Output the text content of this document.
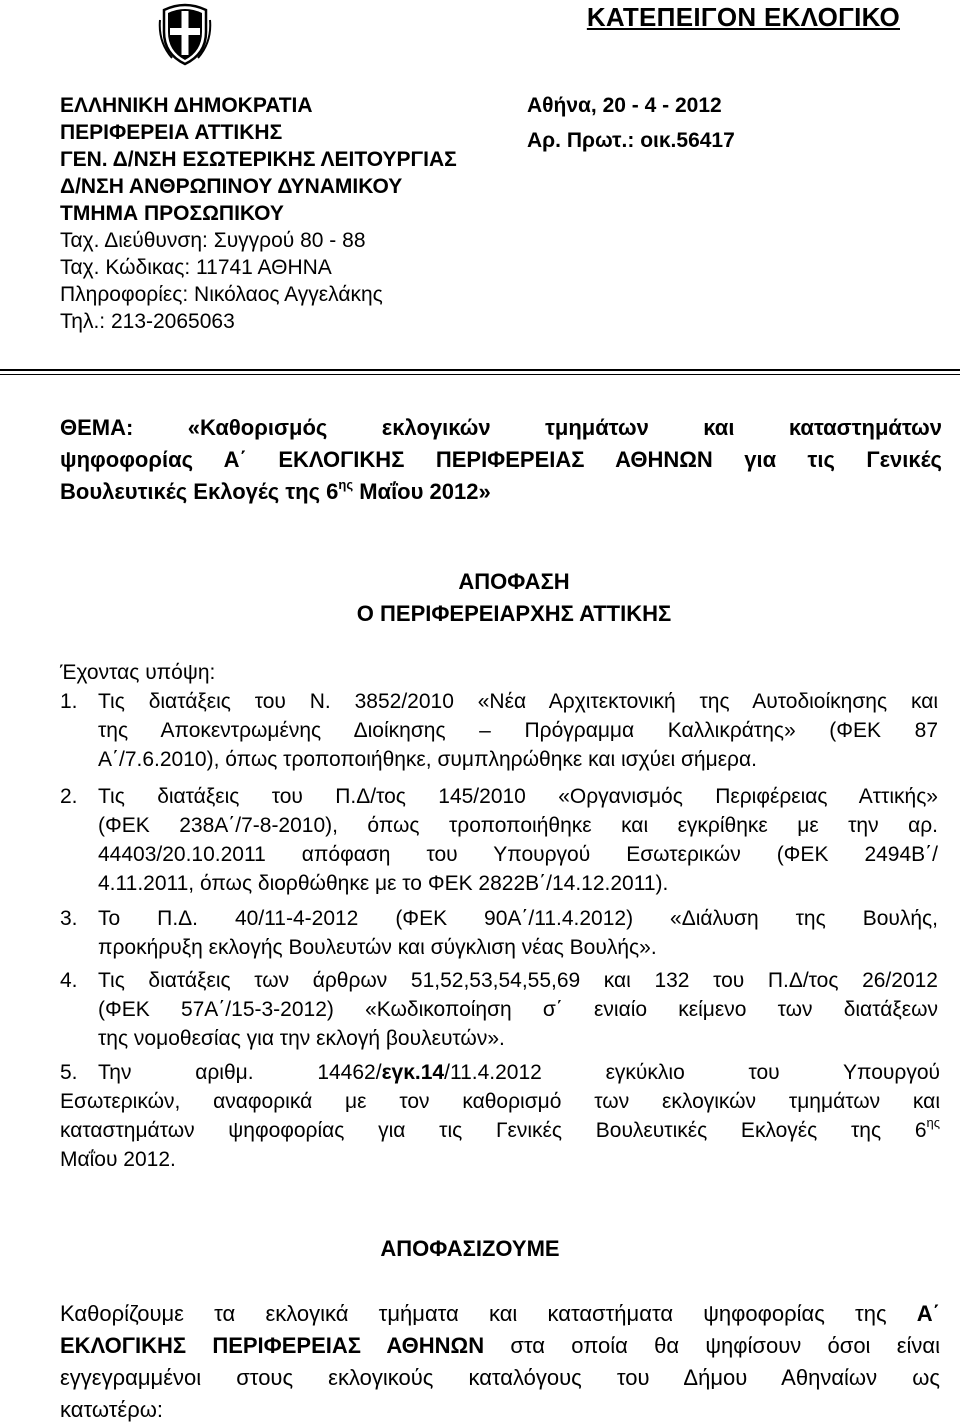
ΚΑΤΕΠΕΙΓΟΝ ΕΚΛΟΓΙΚΟ
ΕΛΛΗΝΙΚΗ ΔΗΜΟΚΡΑΤΙΑ
ΠΕΡΙΦΕΡΕΙΑ ΑΤΤΙΚΗΣ
ΓΕΝ. Δ/ΝΣΗ ΕΣΩΤΕΡΙΚΗΣ ΛΕΙΤΟΥΡΓΙΑΣ
Δ/ΝΣΗ ΑΝΘΡΩΠΙΝΟΥ ΔΥΝΑΜΙΚΟΥ
ΤΜΗΜΑ ΠΡΟΣΩΠΙΚΟΥ
Ταχ. Διεύθυνση: Συγγρού 80 - 88
Ταχ. Κώδικας: 11741 ΑΘΗΝΑ
Πληροφορίες: Νικόλαος Αγγελάκης
Τηλ.: 213-2065063
Αθήνα, 20 - 4 - 2012
Αρ. Πρωτ.: οικ.56417
ΘΕΜΑ: «Καθορισμός εκλογικών τμημάτων και καταστημάτων
ψηφοφορίας Α΄ ΕΚΛΟΓΙΚΗΣ ΠΕΡΙΦΕΡΕΙΑΣ ΑΘΗΝΩΝ για τις Γενικές
Βουλευτικές Εκλογές της $6^{\eta\varsigma}$ Μαΐου 2012»
ΑΠΟΦΑΣΗ
Ο ΠΕΡΙΦΕΡΕΙΑΡΧΗΣ ΑΤΤΙΚΗΣ
Έχοντας υπόψη:
1. Τις διατάξεις του Ν. 3852/2010 «Νέα Αρχιτεκτονική της Αυτοδιοίκησης και
της Αποκεντρωμένης Διοίκησης – Πρόγραμμα Καλλικράτης» (ΦΕΚ 87
Α΄/7.6.2010), όπως τροποποιήθηκε, συμπληρώθηκε και ισχύει σήμερα.
2. Τις διατάξεις του Π.Δ/τος 145/2010 «Οργανισμός Περιφέρειας Αττικής»
(ΦΕΚ 238Α΄/7-8-2010), όπως τροποποιήθηκε και εγκρίθηκε με την αρ.
44403/20.10.2011 απόφαση του Υπουργού Εσωτερικών (ΦΕΚ 2494Β΄/
4.11.2011, όπως διορθώθηκε με το ΦΕΚ 2822Β΄/14.12.2011).
3. Το Π.Δ. 40/11-4-2012 (ΦΕΚ 90Α΄/11.4.2012) «Διάλυση της Βουλής,
προκήρυξη εκλογής Βουλευτών και σύγκλιση νέας Βουλής».
4. Τις διατάξεις των άρθρων 51,52,53,54,55,69 και 132 του Π.Δ/τος 26/2012
(ΦΕΚ 57Α΄/15-3-2012) «Κωδικοποίηση σ΄ ενιαίο κείμενο των διατάξεων
της νομοθεσίας για την εκλογή βουλευτών».
5. Την αριθμ. 14462/εγκ.14/11.4.2012 εγκύκλιο του Υπουργού
Εσωτερικών, αναφορικά με τον καθορισμό των εκλογικών τμημάτων και
καταστημάτων ψηφοφορίας για τις Γενικές Βουλευτικές Εκλογές της $6^{\eta\varsigma}$
Μαΐου 2012.
ΑΠΟΦΑΣΙΖΟΥΜΕ
Καθορίζουμε τα εκλογικά τμήματα και καταστήματα ψηφοφορίας της Α΄
ΕΚΛΟΓΙΚΗΣ ΠΕΡΙΦΕΡΕΙΑΣ ΑΘΗΝΩΝ στα οποία θα ψηφίσουν όσοι είναι
εγγεγραμμένοι στους εκλογικούς καταλόγους του Δήμου Αθηναίων ως
κατωτέρω:
